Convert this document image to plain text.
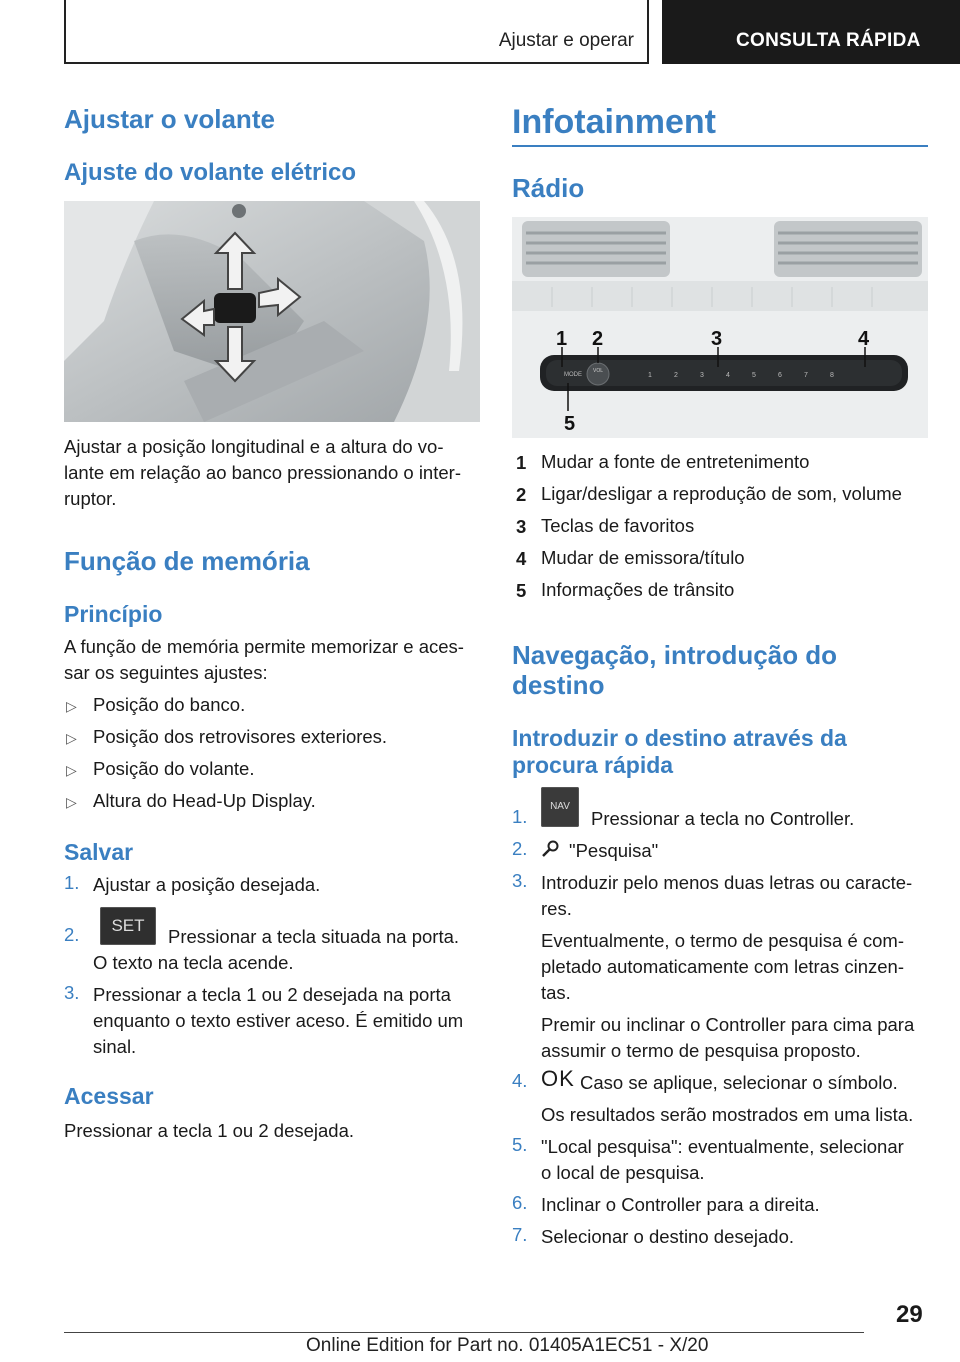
Ajustar e operar	CONSULTA RÁPIDA
Ajustar o volante
Ajuste do volante elétrico
Ajustar a posição longitudinal e a altura do vo-
lante em relação ao banco pressionando o inter-
ruptor.
Função de memória
Princípio
A função de memória permite memorizar e aces-
sar os seguintes ajustes:
▷ Posição do banco.
▷ Posição dos retrovisores exteriores.
▷ Posição do volante.
▷ Altura do Head-Up Display.
Salvar
1. Ajustar a posição desejada.
2.	SET
Pressionar a tecla situada na porta.
O texto na tecla acende.
3. Pressionar a tecla 1 ou 2 desejada na porta
enquanto o texto estiver aceso. É emitido um
sinal.
Acessar
Pressionar a tecla 1 ou 2 desejada.
Infotainment
Rádio
MODE
VOL
1	2	3	4	5	6	7	8
1 2	3	4
5
1 Mudar a fonte de entretenimento
2 Ligar/desligar a reprodução de som, volume
3 Teclas de favoritos
4 Mudar de emissora/título
5 Informações de trânsito
Navegação, introdução do
destino
Introduzir o destino através da
procura rápida
1.	NAV
Pressionar a tecla no Controller.
2. "Pesquisa"
3. Introduzir pelo menos duas letras ou caracte-
res.
Eventualmente, o termo de pesquisa é com-
pletado automaticamente com letras cinzen-
tas.
Premir ou inclinar o Controller para cima para
assumir o termo de pesquisa proposto.
4. OK Caso se aplique, selecionar o símbolo.
Os resultados serão mostrados em uma lista.
5. "Local pesquisa": eventualmente, selecionar
o local de pesquisa.
6. Inclinar o Controller para a direita.
7. Selecionar o destino desejado.
29
Online Edition for Part no. 01405A1EC51 - X/20
